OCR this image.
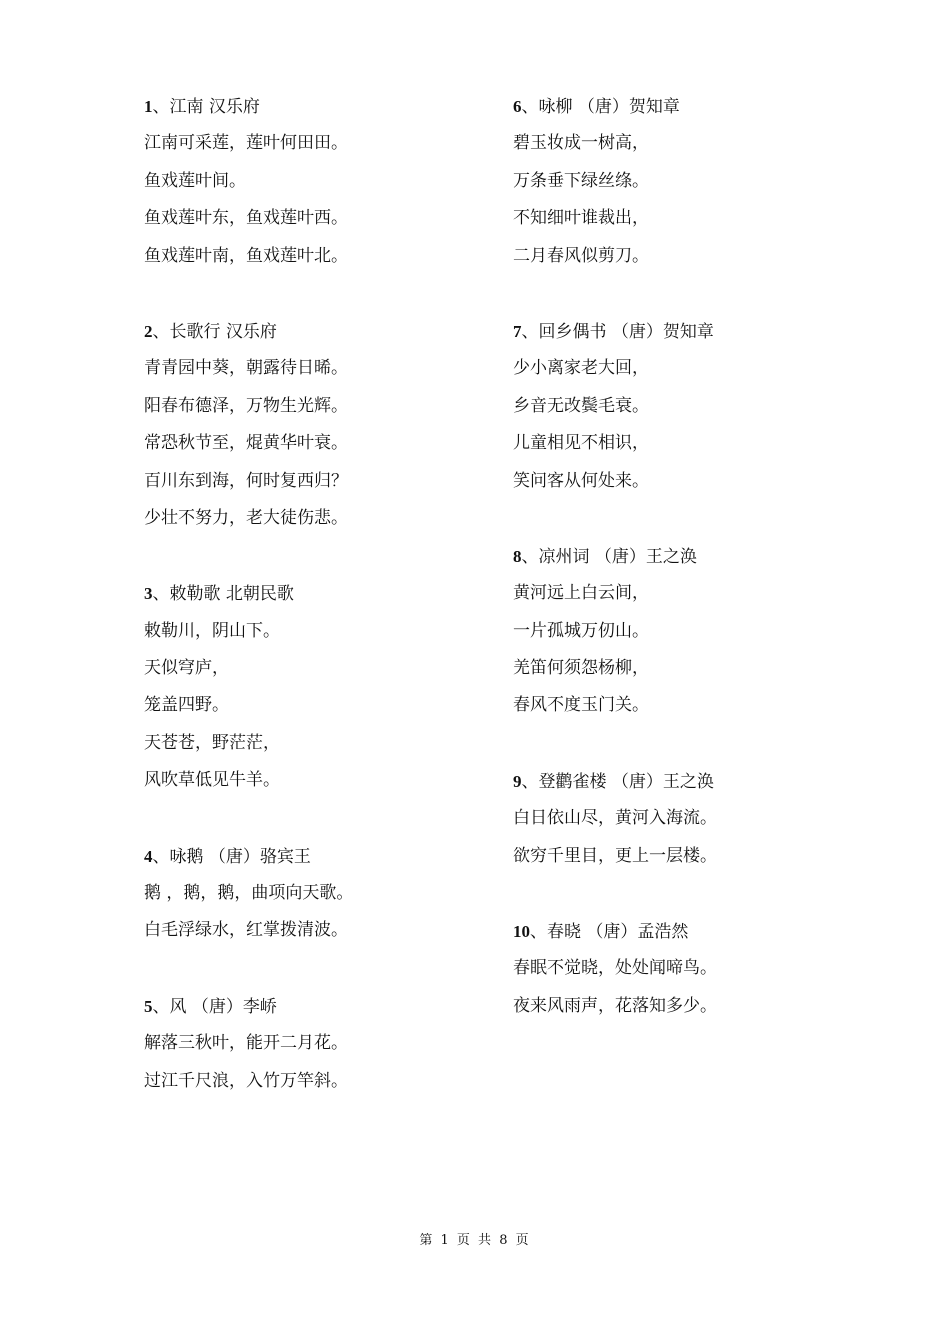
1、江南 汉乐府

江南可采莲，莲叶何田田。

鱼戏莲叶间。

鱼戏莲叶东，鱼戏莲叶西。

鱼戏莲叶南，鱼戏莲叶北。

2、长歌行 汉乐府

青青园中葵，朝露待日晞。

阳春布德泽，万物生光辉。

常恐秋节至，焜黄华叶衰。

百川东到海，何时复西归？

少壮不努力，老大徒伤悲。

3、敕勒歌 北朝民歌

敕勒川，阴山下。

天似穹庐，

笼盖四野。

天苍苍，野茫茫，

风吹草低见牛羊。

4、咏鹅 （唐）骆宾王

鹅 ，鹅，鹅，曲项向天歌。

白毛浮绿水，红掌拨清波。

5、风 （唐）李峤

解落三秋叶，能开二月花。

过江千尺浪，入竹万竿斜。

6、咏柳 （唐）贺知章

碧玉妆成一树高，

万条垂下绿丝绦。

不知细叶谁裁出，

二月春风似剪刀。

7、回乡偶书 （唐）贺知章

少小离家老大回，

乡音无改鬓毛衰。

儿童相见不相识，

笑问客从何处来。

8、凉州词 （唐）王之涣

黄河远上白云间，

一片孤城万仞山。

羌笛何须怨杨柳，

春风不度玉门关。

9、登鹳雀楼 （唐）王之涣

白日依山尽，黄河入海流。

欲穷千里目，更上一层楼。

10、春晓 （唐）孟浩然

春眠不觉晓，处处闻啼鸟。

夜来风雨声，花落知多少。

第 1 页 共 8 页
